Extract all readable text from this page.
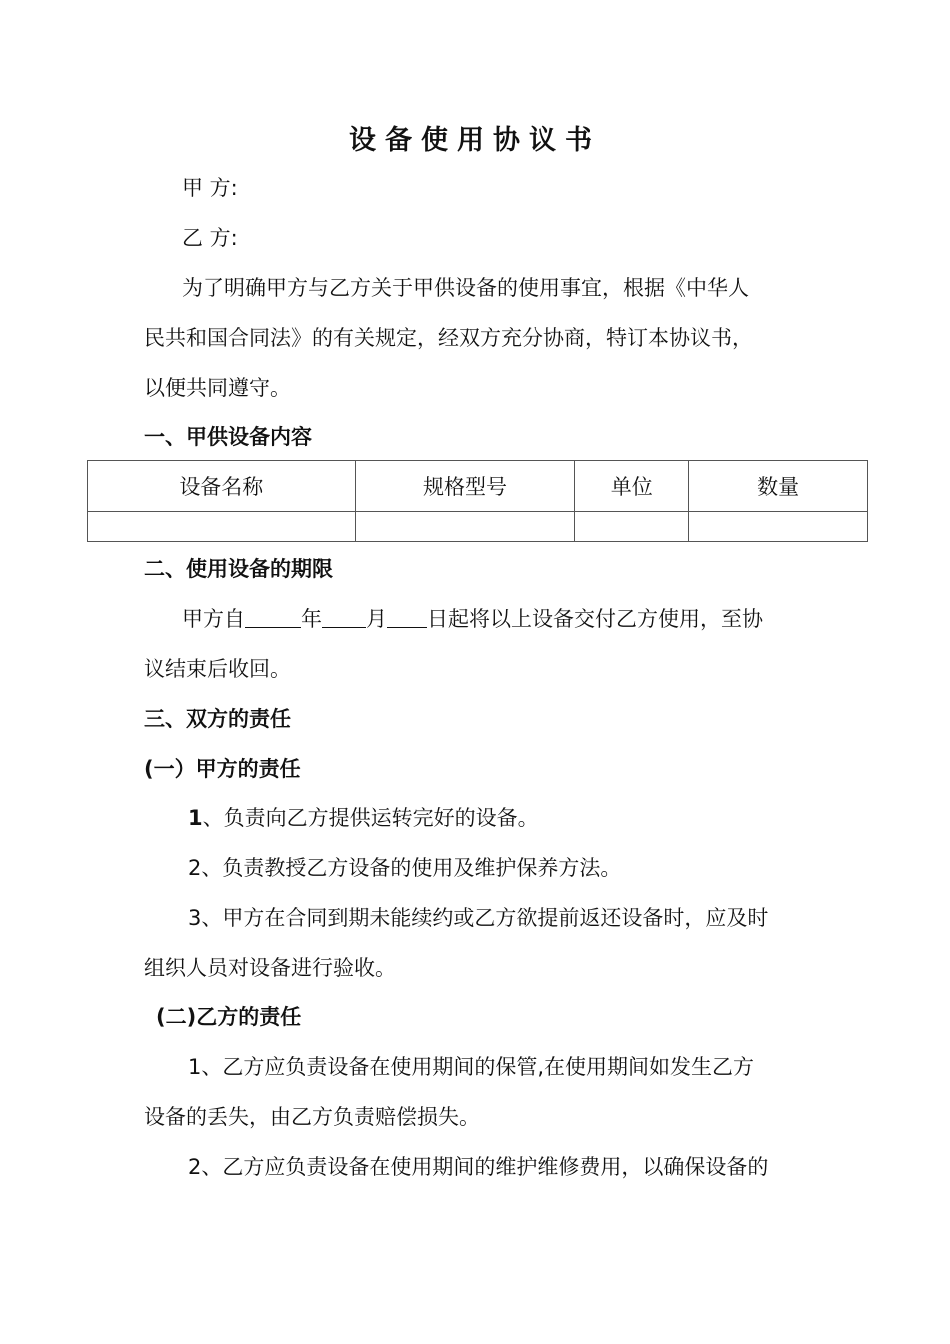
设备使用协议书
甲 方:
乙 方:
为了明确甲方与乙方关于甲供设备的使用事宜，根据《中华人
民共和国合同法》的有关规定，经双方充分协商，特订本协议书，
以便共同遵守。
一、甲供设备内容
设备名称	规格型号	单位	数量

二、使用设备的期限
甲方自	年 月 日起将以上设备交付乙方使用，至协
议结束后收回。
三、双方的责任
(一）甲方的责任
1、负责向乙方提供运转完好的设备。
2、负责教授乙方设备的使用及维护保养方法。
3、甲方在合同到期未能续约或乙方欲提前返还设备时，应及时
组织人员对设备进行验收。
(二)乙方的责任
1、乙方应负责设备在使用期间的保管,在使用期间如发生乙方
设备的丢失，由乙方负责赔偿损失。
2、乙方应负责设备在使用期间的维护维修费用，以确保设备的
